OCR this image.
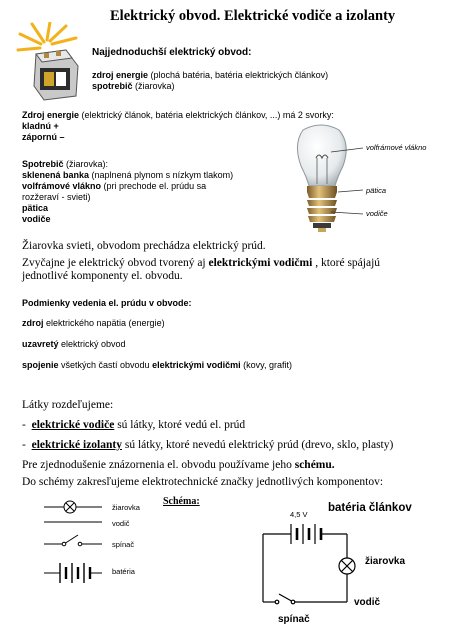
Elektrický obvod. Elektrické vodiče a izolanty
Najjednoduchší elektrický obvod:
zdroj energie (plochá batéria, batéria elektrických článkov)
spotrebič (žiarovka)
Zdroj energie (elektrický článok, batéria elektrických článkov, ...) má 2 svorky:
kladnú +
zápornú –
Spotrebič (žiarovka):
sklenená banka (naplnená plynom s nízkym tlakom)
volfrámové vlákno (pri prechode el. prúdu sa
rozžeraví - svieti)
pätica
vodiče
volfrámové vlákno
pätica
vodiče
Žiarovka svieti, obvodom prechádza elektrický prúd.
Zvyčajne je elektrický obvod tvorený aj elektrickými vodičmi , ktoré spájajú
jednotlivé komponenty el. obvodu.
Podmienky vedenia el. prúdu v obvode:
zdroj elektrického napätia (energie)
uzavretý elektrický obvod
spojenie všetkých častí obvodu elektrickými vodičmi (kovy, grafit)
Látky rozdeľujeme:
- elektrické vodiče sú látky, ktoré vedú el. prúd
- elektrické izolanty sú látky, ktoré nevedú elektrický prúd (drevo, sklo, plasty)
Pre zjednodušenie znázornenia el. obvodu používame jeho schému.
Do schémy zakresľujeme elektrotechnické značky jednotlivých komponentov:
žiarovka
vodič
spínač
batéria
Schéma:
batéria článkov
4,5 V
žiarovka
vodič
spínač
